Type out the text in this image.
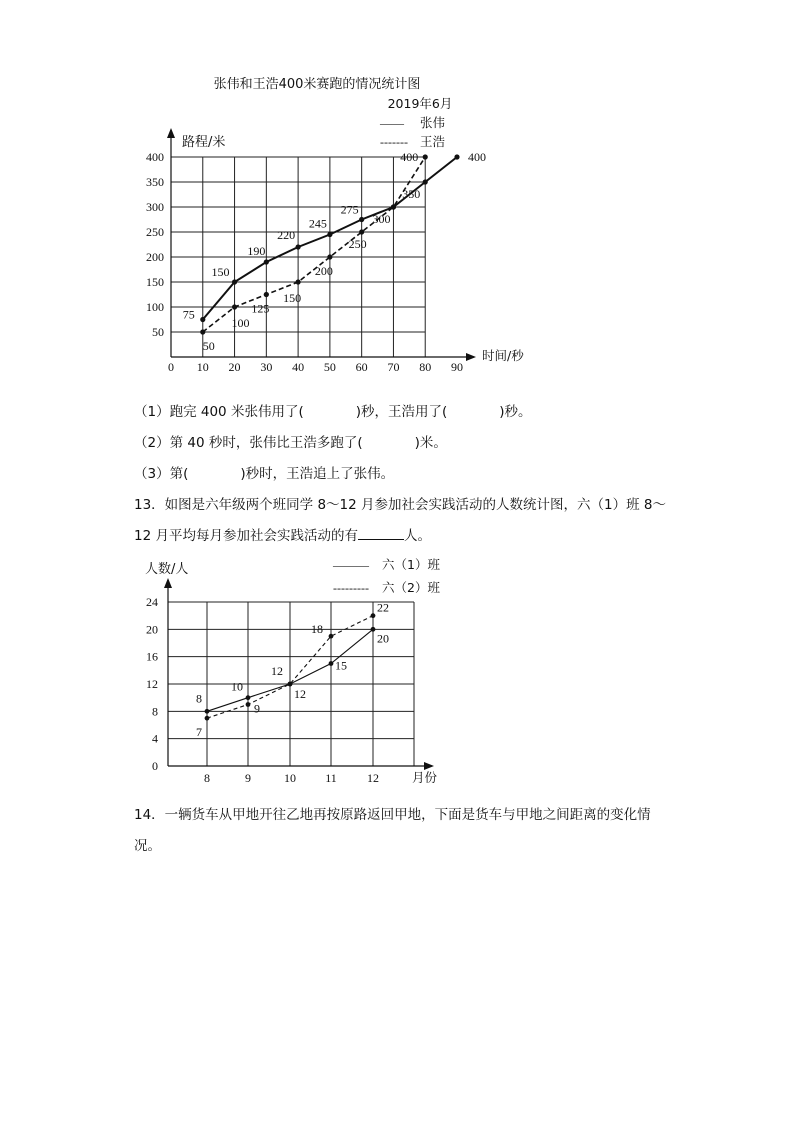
张伟和王浩400米赛跑的情况统计图
2019年6月
—— 张伟
------- 王浩
路程/米
时间/秒
0 10 20 30 40 50 60 70 80 90
50
100
150
200
250
300
350
400
75
150
190
220
245
275
300
350
400
50
100
125
150
200
250
400
（1）跑完 400 米张伟用了(	)秒，王浩用了(	)秒。
（2）第 40 秒时，张伟比王浩多跑了(	)米。
（3）第(	)秒时，王浩追上了张伟。
13．如图是六年级两个班同学 8～12 月参加社会实践活动的人数统计图，六（1）班 8～
12 月平均每月参加社会实践活动的有	人。
人数/人
月份
——— 六（1）班
--------- 六（2）班
0
4
8
12
16
20
24
8	9	10 11	12
8
10
12	15
20
7
9
12
18
22
14．一辆货车从甲地开往乙地再按原路返回甲地，下面是货车与甲地之间距离的变化情
况。
